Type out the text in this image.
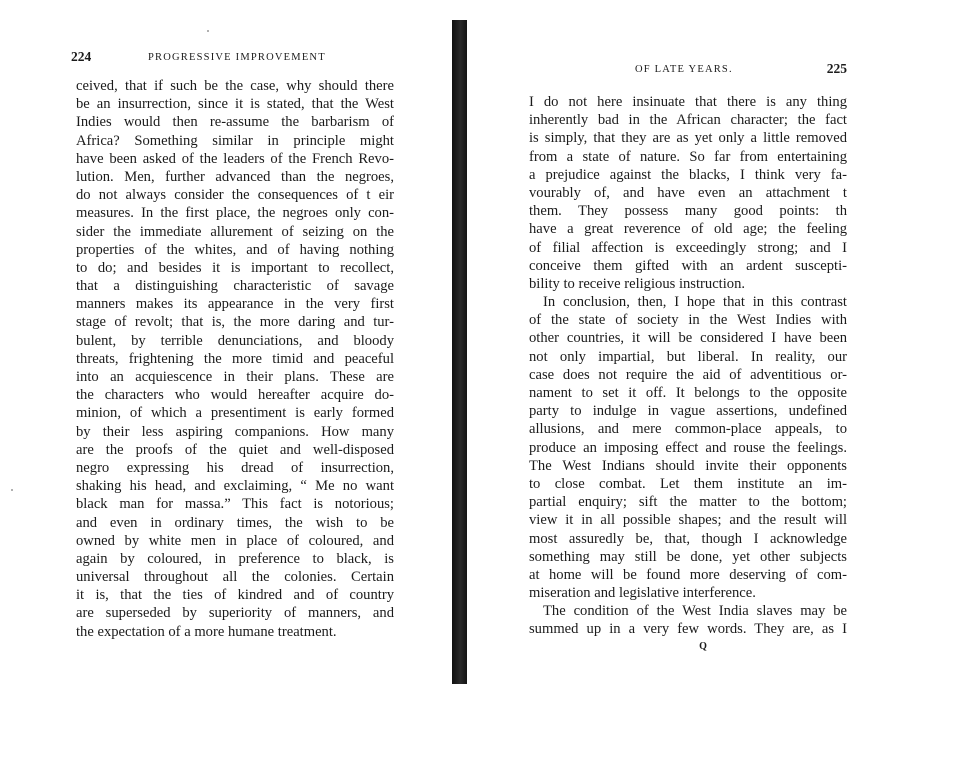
224	PROGRESSIVE IMPROVEMENT
ceived, that if such be the case, why should there
be an insurrection, since it is stated, that the West
Indies would then re-assume the barbarism of
Africa? Something similar in principle might
have been asked of the leaders of the French Revo-
lution. Men, further advanced than the negroes,
do not always consider the consequences of t eir
measures. In the first place, the negroes only con-
sider the immediate allurement of seizing on the
properties of the whites, and of having nothing
to do; and besides it is important to recollect,
that a distinguishing characteristic of savage
manners makes its appearance in the very first
stage of revolt; that is, the more daring and tur-
bulent, by terrible denunciations, and bloody
threats, frightening the more timid and peaceful
into an acquiescence in their plans. These are
the characters who would hereafter acquire do-
minion, of which a presentiment is early formed
by their less aspiring companions. How many
are the proofs of the quiet and well-disposed
negro expressing his dread of insurrection,
shaking his head, and exclaiming, “ Me no want
black man for massa.” This fact is notorious;
and even in ordinary times, the wish to be
owned by white men in place of coloured, and
again by coloured, in preference to black, is
universal throughout all the colonies. Certain
it is, that the ties of kindred and of country
are superseded by superiority of manners, and
the expectation of a more humane treatment.
OF LATE YEARS.	225
I do not here insinuate that there is any thing
inherently bad in the African character; the fact
is simply, that they are as yet only a little removed
from a state of nature. So far from entertaining
a prejudice against the blacks, I think very fa-
vourably of, and have even an attachment t
them. They possess many good points: th
have a great reverence of old age; the feeling
of filial affection is exceedingly strong; and I
conceive them gifted with an ardent suscepti-
bility to receive religious instruction.
In conclusion, then, I hope that in this contrast
of the state of society in the West Indies with
other countries, it will be considered I have been
not only impartial, but liberal. In reality, our
case does not require the aid of adventitious or-
nament to set it off. It belongs to the opposite
party to indulge in vague assertions, undefined
allusions, and mere common-place appeals, to
produce an imposing effect and rouse the feelings.
The West Indians should invite their opponents
to close combat. Let them institute an im-
partial enquiry; sift the matter to the bottom;
view it in all possible shapes; and the result will
most assuredly be, that, though I acknowledge
something may still be done, yet other subjects
at home will be found more deserving of com-
miseration and legislative interference.
The condition of the West India slaves may be
summed up in a very few words. They are, as I
Q
